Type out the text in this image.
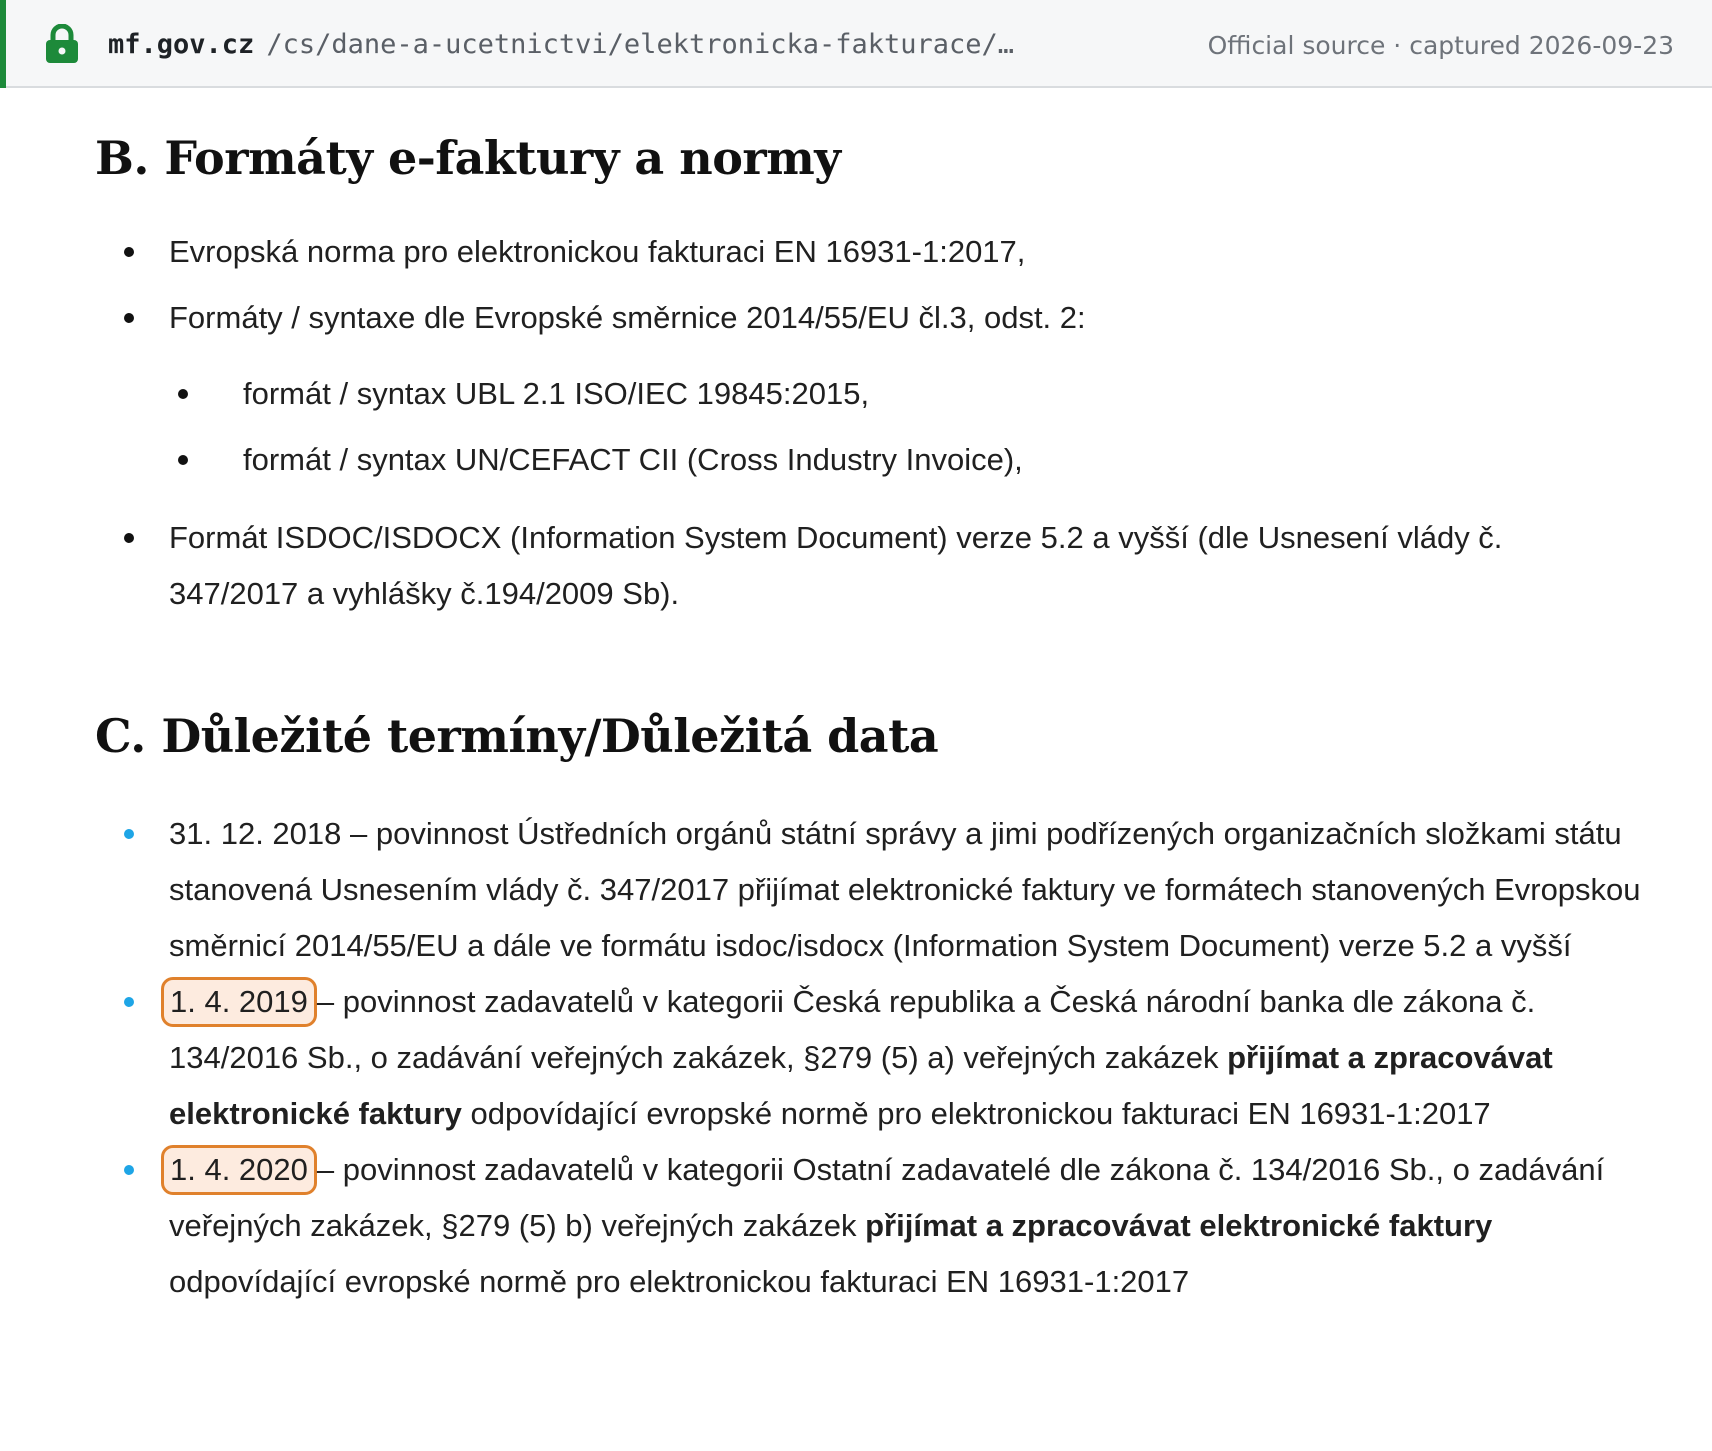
mf.gov.cz /cs/dane-a-ucetnictvi/elektronicka-fakturace/…	Official source · captured 2026-09-23
B. Formáty e-faktury a normy
Evropská norma pro elektronickou fakturaci EN 16931-1:2017,
Formáty / syntaxe dle Evropské směrnice 2014/55/EU čl.3, odst. 2:
formát / syntax UBL 2.1 ISO/IEC 19845:2015,
formát / syntax UN/CEFACT CII (Cross Industry Invoice),
Formát ISDOC/ISDOCX (Information System Document) verze 5.2 a vyšší (dle Usnesení vlády č. 347/2017 a vyhlášky č.194/2009 Sb).
C. Důležité termíny/Důležitá data
31. 12. 2018 – povinnost Ústředních orgánů státní správy a jimi podřízených organizačních složkami státu stanovená Usnesením vlády č. 347/2017 přijímat elektronické faktury ve formátech stanovených Evropskou směrnicí 2014/55/EU a dále ve formátu isdoc/isdocx (Information System Document) verze 5.2 a vyšší
1. 4. 2019 – povinnost zadavatelů v kategorii Česká republika a Česká národní banka dle zákona č. 134/2016 Sb., o zadávání veřejných zakázek, §279 (5) a) veřejných zakázek přijímat a zpracovávat elektronické faktury odpovídající evropské normě pro elektronickou fakturaci EN 16931-1:2017
1. 4. 2020 – povinnost zadavatelů v kategorii Ostatní zadavatelé dle zákona č. 134/2016 Sb., o zadávání veřejných zakázek, §279 (5) b) veřejných zakázek přijímat a zpracovávat elektronické faktury odpovídající evropské normě pro elektronickou fakturaci EN 16931-1:2017
